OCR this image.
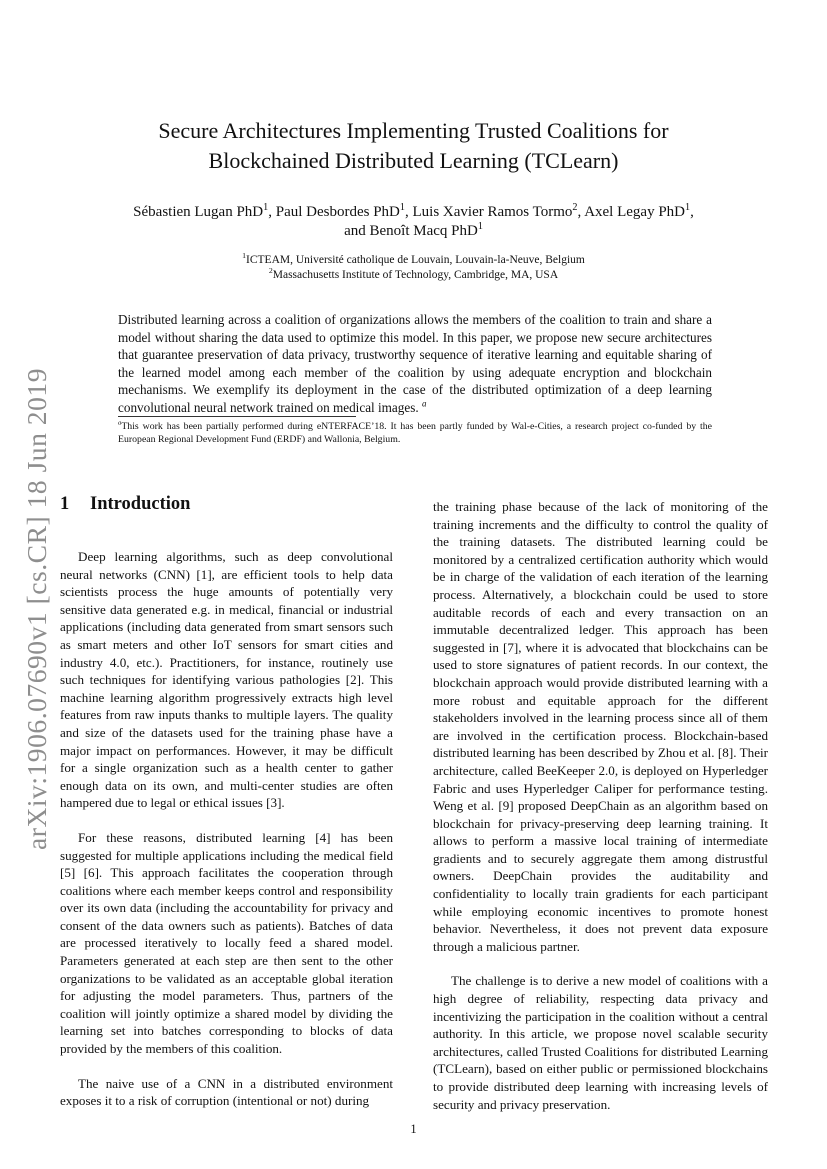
arXiv:1906.07690v1 [cs.CR] 18 Jun 2019
Secure Architectures Implementing Trusted Coalitions for
Blockchained Distributed Learning (TCLearn)
Sébastien Lugan PhD$^1$, Paul Desbordes PhD$^1$, Luis Xavier Ramos Tormo$^2$, Axel Legay PhD$^1$,
and Benoît Macq PhD$^1$
$^1$ICTEAM, Université catholique de Louvain, Louvain-la-Neuve, Belgium
$^2$Massachusetts Institute of Technology, Cambridge, MA, USA

Distributed learning across a coalition of organizations allows the members of the coalition to train and share a model without sharing the data used to optimize this model. In this paper, we propose new secure architectures that guarantee preservation of data privacy, trustworthy sequence of iterative learning and equitable sharing of the learned model among each member of the coalition by using adequate encryption and blockchain mechanisms. We exemplify its deployment in the case of the distributed optimization of a deep learning convolutional neural network trained on medical images. $^a$

$^a$This work has been partially performed during eNTERFACE’18. It has been partly funded by Wal-e-Cities, a research project co-funded by the European Regional Development Fund (ERDF) and Wallonia, Belgium.

1 Introduction

Deep learning algorithms, such as deep convolutional neural networks (CNN) [1], are efficient tools to help data scientists process the huge amounts of potentially very sensitive data generated e.g. in medical, financial or industrial applications (including data generated from smart sensors such as smart meters and other IoT sensors for smart cities and industry 4.0, etc.). Practitioners, for instance, routinely use such techniques for identifying various pathologies [2]. This machine learning algorithm progressively extracts high level features from raw inputs thanks to multiple layers. The quality and size of the datasets used for the training phase have a major impact on performances. However, it may be difficult for a single organization such as a health center to gather enough data on its own, and multi-center studies are often hampered due to legal or ethical issues [3].

For these reasons, distributed learning [4] has been suggested for multiple applications including the medical field [5] [6]. This approach facilitates the cooperation through coalitions where each member keeps control and responsibility over its own data (including the accountability for privacy and consent of the data owners such as patients). Batches of data are processed iteratively to locally feed a shared model. Parameters generated at each step are then sent to the other organizations to be validated as an acceptable global iteration for adjusting the model parameters. Thus, partners of the coalition will jointly optimize a shared model by dividing the learning set into batches corresponding to blocks of data provided by the members of this coalition.

The naive use of a CNN in a distributed environment exposes it to a risk of corruption (intentional or not) during

the training phase because of the lack of monitoring of the training increments and the difficulty to control the quality of the training datasets. The distributed learning could be monitored by a centralized certification authority which would be in charge of the validation of each iteration of the learning process. Alternatively, a blockchain could be used to store auditable records of each and every transaction on an immutable decentralized ledger. This approach has been suggested in [7], where it is advocated that blockchains can be used to store signatures of patient records. In our context, the blockchain approach would provide distributed learning with a more robust and equitable approach for the different stakeholders involved in the learning process since all of them are involved in the certification process. Blockchain-based distributed learning has been described by Zhou et al. [8]. Their architecture, called BeeKeeper 2.0, is deployed on Hyperledger Fabric and uses Hyperledger Caliper for performance testing. Weng et al. [9] proposed DeepChain as an algorithm based on blockchain for privacy-preserving deep learning training. It allows to perform a massive local training of intermediate gradients and to securely aggregate them among distrustful owners. DeepChain provides the auditability and confidentiality to locally train gradients for each participant while employing economic incentives to promote honest behavior. Nevertheless, it does not prevent data exposure through a malicious partner.

The challenge is to derive a new model of coalitions with a high degree of reliability, respecting data privacy and incentivizing the participation in the coalition without a central authority. In this article, we propose novel scalable security architectures, called Trusted Coalitions for distributed Learning (TCLearn), based on either public or permissioned blockchains to provide distributed deep learning with increasing levels of security and privacy preservation.

1
